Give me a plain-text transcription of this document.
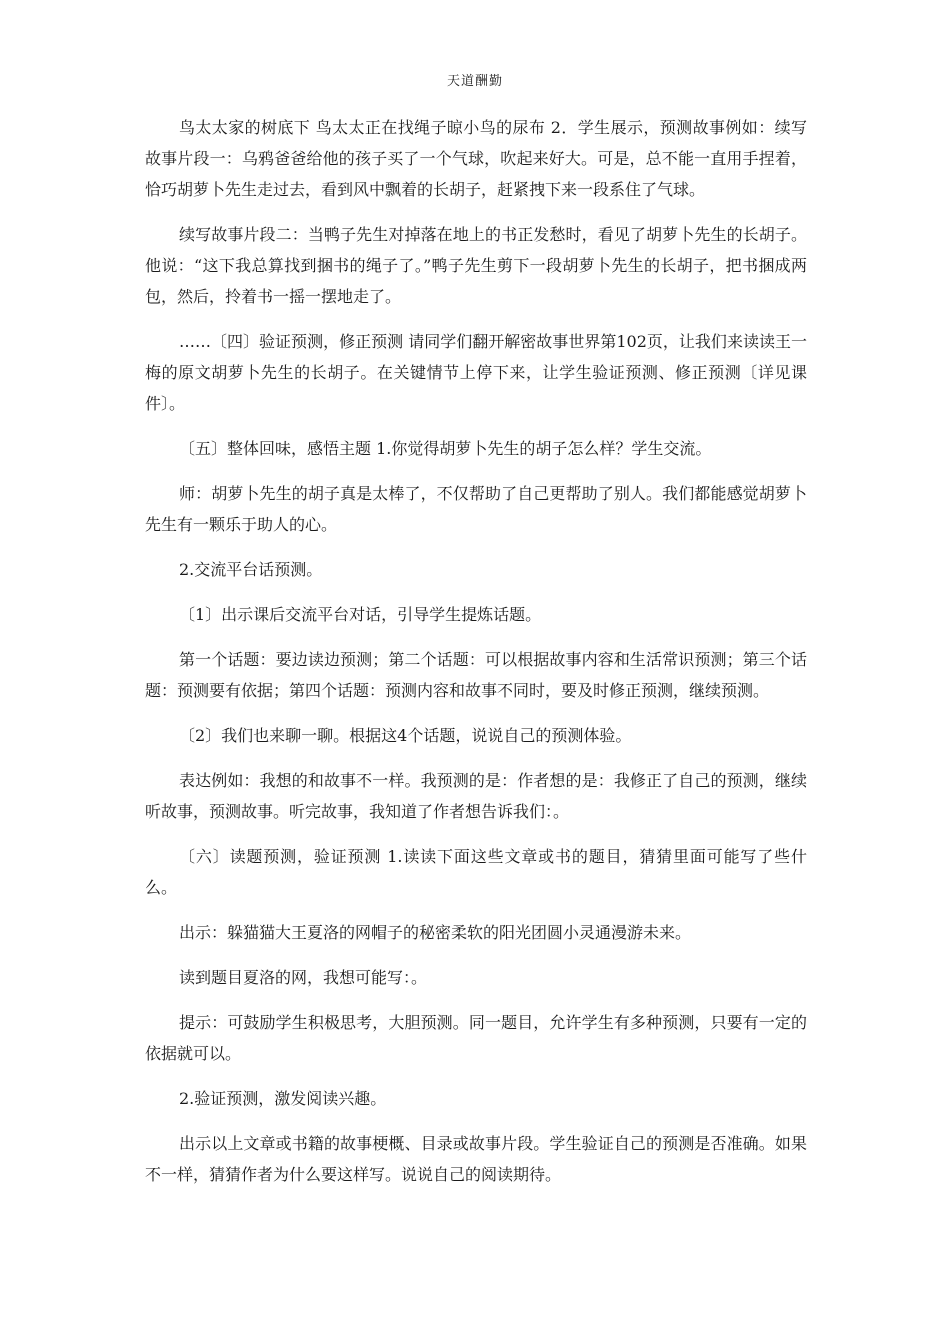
天道酬勤

鸟太太家的树底下 鸟太太正在找绳子晾小鸟的尿布 2．学生展示，预测故事例如：续写故事片段一：乌鸦爸爸给他的孩子买了一个气球，吹起来好大。可是，总不能一直用手捏着，恰巧胡萝卜先生走过去，看到风中飘着的长胡子，赶紧拽下来一段系住了气球。

续写故事片段二：当鸭子先生对掉落在地上的书正发愁时，看见了胡萝卜先生的长胡子。他说：“这下我总算找到捆书的绳子了。”鸭子先生剪下一段胡萝卜先生的长胡子，把书捆成两包，然后，拎着书一摇一摆地走了。

……〔四〕验证预测，修正预测 请同学们翻开解密故事世界第102页，让我们来读读王一梅的原文胡萝卜先生的长胡子。在关键情节上停下来，让学生验证预测、修正预测〔详见课件〕。

〔五〕整体回味，感悟主题 1.你觉得胡萝卜先生的胡子怎么样？学生交流。

师：胡萝卜先生的胡子真是太棒了，不仅帮助了自己更帮助了别人。我们都能感觉胡萝卜先生有一颗乐于助人的心。

2.交流平台话预测。

〔1〕出示课后交流平台对话，引导学生提炼话题。

第一个话题：要边读边预测；第二个话题：可以根据故事内容和生活常识预测；第三个话题：预测要有依据；第四个话题：预测内容和故事不同时，要及时修正预测，继续预测。

〔2〕我们也来聊一聊。根据这4个话题，说说自己的预测体验。

表达例如：我想的和故事不一样。我预测的是：作者想的是：我修正了自己的预测，继续听故事，预测故事。听完故事，我知道了作者想告诉我们：。

〔六〕读题预测，验证预测 1.读读下面这些文章或书的题目，猜猜里面可能写了些什么。

出示：躲猫猫大王夏洛的网帽子的秘密柔软的阳光团圆小灵通漫游未来。

读到题目夏洛的网，我想可能写：。

提示：可鼓励学生积极思考，大胆预测。同一题目，允许学生有多种预测，只要有一定的依据就可以。

2.验证预测，激发阅读兴趣。

出示以上文章或书籍的故事梗概、目录或故事片段。学生验证自己的预测是否准确。如果不一样，猜猜作者为什么要这样写。说说自己的阅读期待。
